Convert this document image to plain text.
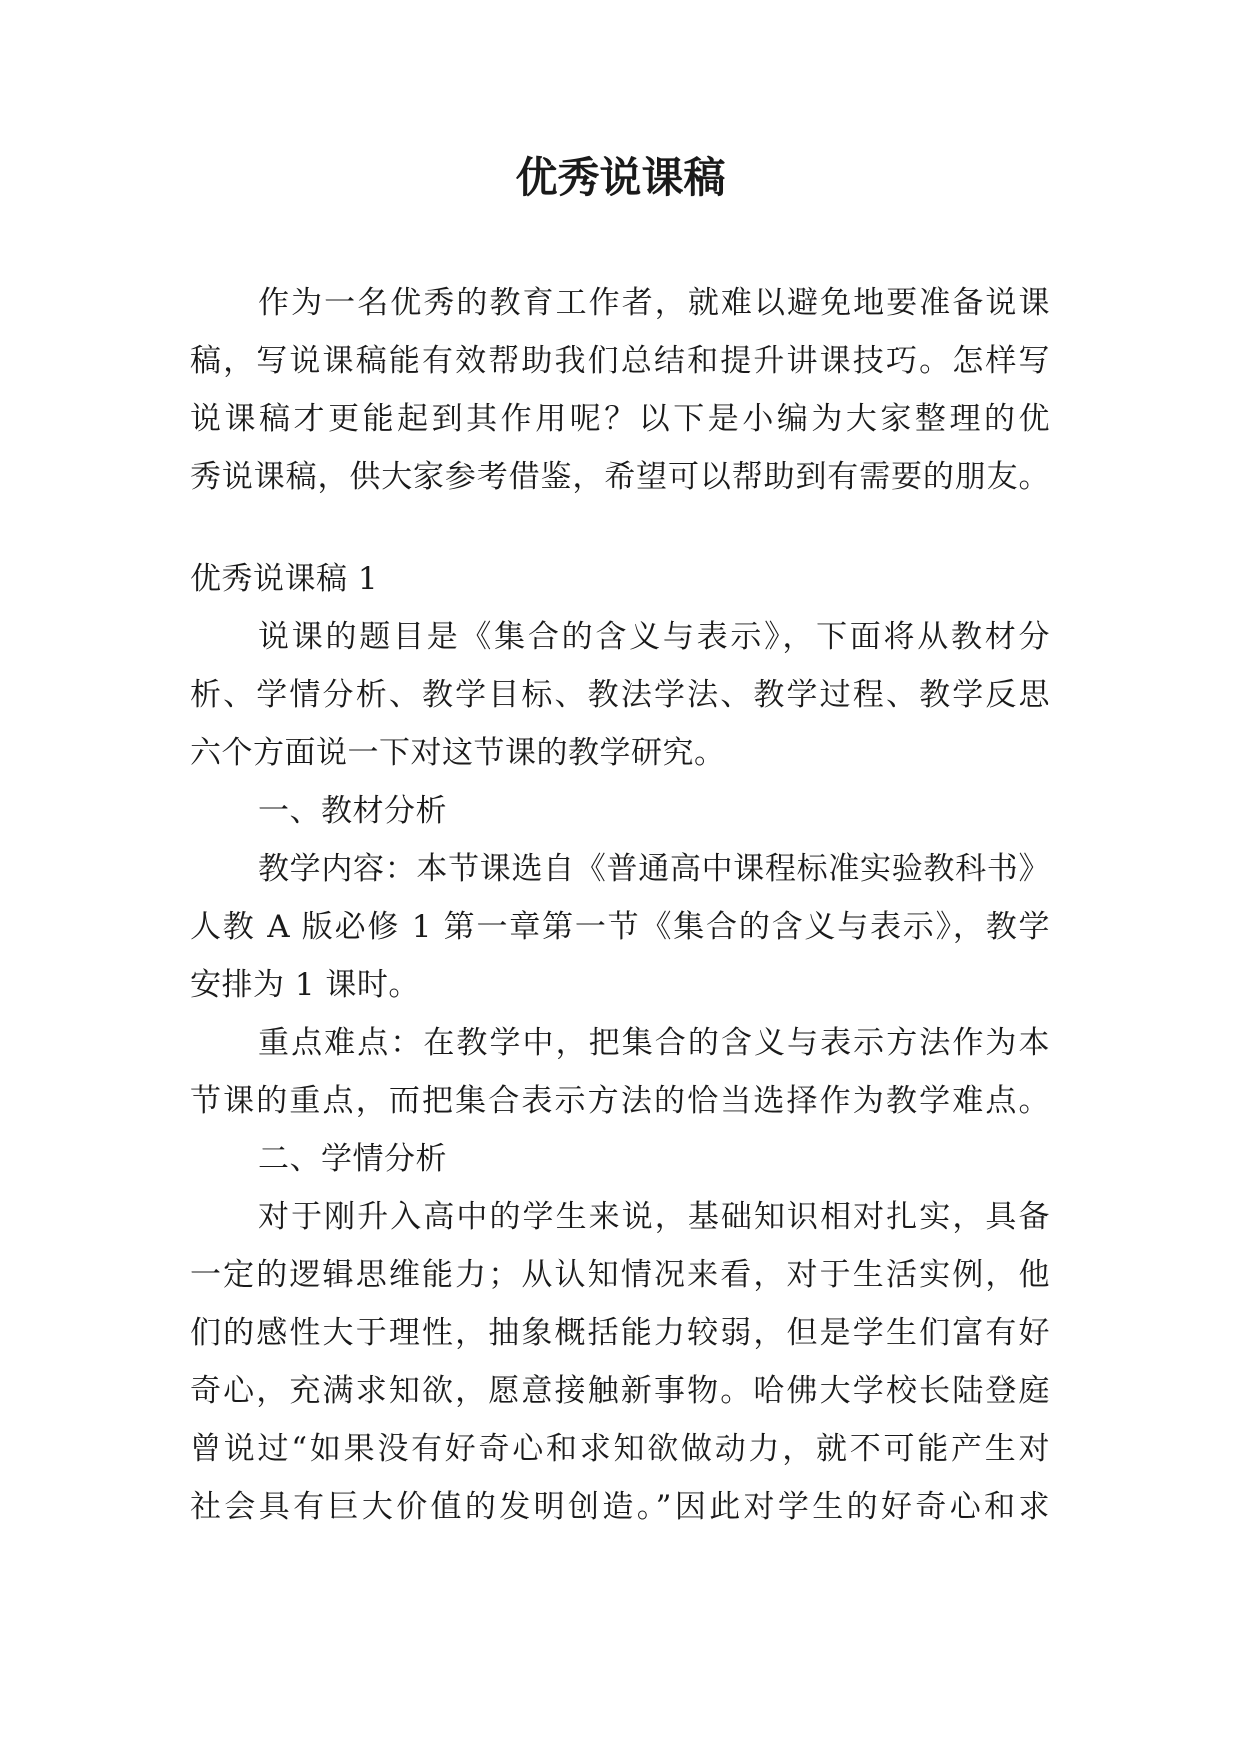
优秀说课稿
作为一名优秀的教育工作者，就难以避免地要准备说课
稿，写说课稿能有效帮助我们总结和提升讲课技巧。怎样写
说课稿才更能起到其作用呢？以下是小编为大家整理的优
秀说课稿，供大家参考借鉴，希望可以帮助到有需要的朋友。
优秀说课稿 1
说课的题目是《集合的含义与表示》，下面将从教材分
析、学情分析、教学目标、教法学法、教学过程、教学反思
六个方面说一下对这节课的教学研究。
一、教材分析
教学内容：本节课选自《普通高中课程标准实验教科书》
人教 A 版必修 1 第一章第一节《集合的含义与表示》，教学
安排为 1 课时。
重点难点：在教学中，把集合的含义与表示方法作为本
节课的重点，而把集合表示方法的恰当选择作为教学难点。
二、学情分析
对于刚升入高中的学生来说，基础知识相对扎实，具备
一定的逻辑思维能力；从认知情况来看，对于生活实例，他
们的感性大于理性，抽象概括能力较弱，但是学生们富有好
奇心，充满求知欲，愿意接触新事物。哈佛大学校长陆登庭
曾说过“如果没有好奇心和求知欲做动力，就不可能产生对
社会具有巨大价值的发明创造。”因此对学生的好奇心和求
